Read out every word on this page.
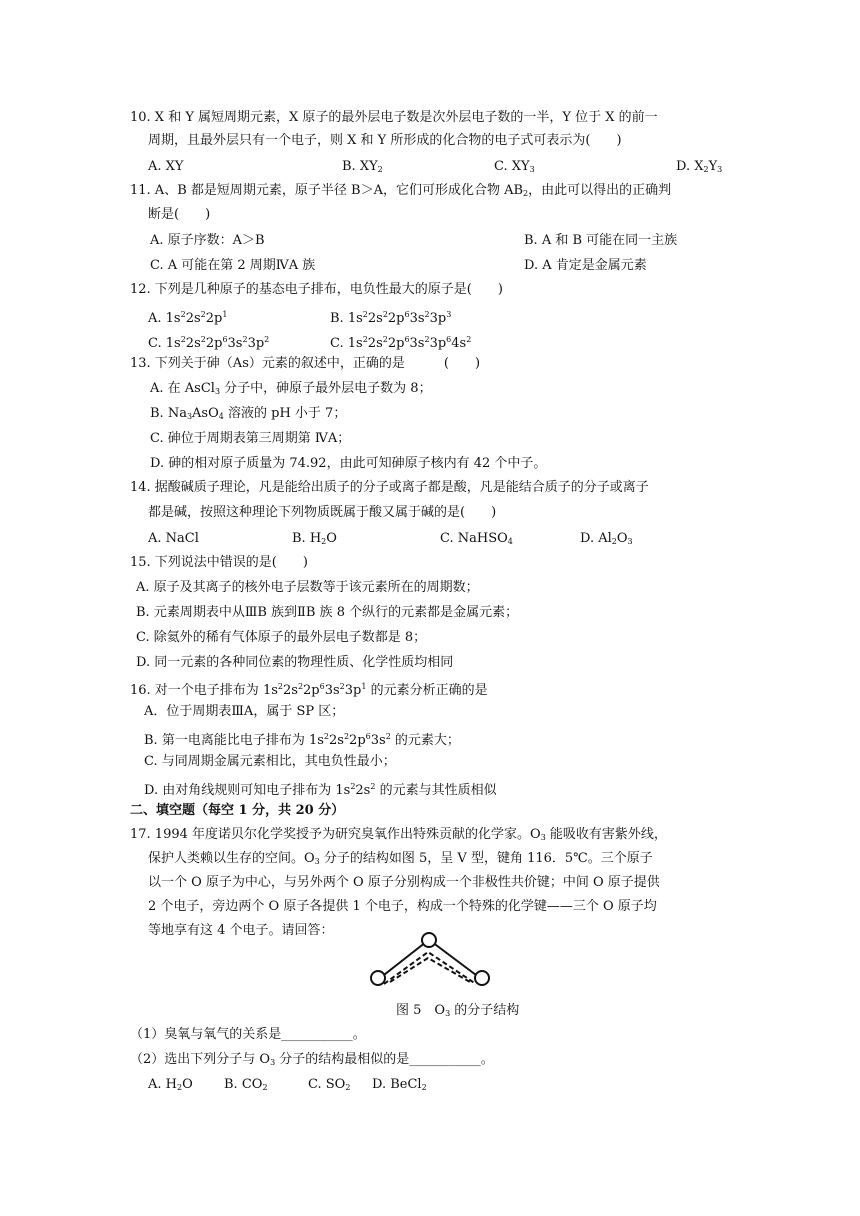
10. X 和 Y 属短周期元素，X 原子的最外层电子数是次外层电子数的一半，Y 位于 X 的前一
周期，且最外层只有一个电子，则 X 和 Y 所形成的化合物的电子式可表示为(　　)
A. XY	B. $XY_2$	C. $XY_3$	D. $X_2Y_3$
11. A、B 都是短周期元素，原子半径 B＞A，它们可形成化合物 $AB_2$，由此可以得出的正确判
断是(　　)
A. 原子序数：A＞B	B. A 和 B 可能在同一主族
C. A 可能在第 2 周期ⅣA 族	D. A 肯定是金属元素
12. 下列是几种原子的基态电子排布，电负性最大的原子是(　　)
A. $1s^22s^22p^1$	B. $1s^22s^22p^63s^23p^3$
C. $1s^22s^22p^63s^23p^2$	C. $1s^22s^22p^63s^23p^64s^2$
13. 下列关于砷（As）元素的叙述中，正确的是　　　(　　)
A. 在 AsCl$_3$ 分子中，砷原子最外层电子数为 8；
B. $Na_3AsO_4$ 溶液的 pH 小于 7；
C. 砷位于周期表第三周期第 ⅣA；
D. 砷的相对原子质量为 74.92，由此可知砷原子核内有 42 个中子。
14. 据酸碱质子理论，凡是能给出质子的分子或离子都是酸，凡是能结合质子的分子或离子
都是碱，按照这种理论下列物质既属于酸又属于碱的是(　　)
A. NaCl	B. $H_2O$	C. NaHSO$_4$	D. $Al_2O_3$
15. 下列说法中错误的是(　　)
A. 原子及其离子的核外电子层数等于该元素所在的周期数；
B. 元素周期表中从ⅢB 族到ⅡB 族 8 个纵行的元素都是金属元素；
C. 除氦外的稀有气体原子的最外层电子数都是 8；
D. 同一元素的各种同位素的物理性质、化学性质均相同
16. 对一个电子排布为 $1s^22s^22p^63s^23p^1$ 的元素分析正确的是
A．位于周期表ⅢA，属于 SP 区；
B. 第一电离能比电子排布为 $1s^22s^22p^63s^2$ 的元素大；
C. 与同周期金属元素相比，其电负性最小；
D. 由对角线规则可知电子排布为 $1s^22s^2$ 的元素与其性质相似
二、填空题（每空 1 分，共 20 分）
17. 1994 年度诺贝尔化学奖授予为研究臭氧作出特殊贡献的化学家。$O_3$ 能吸收有害紫外线，
保护人类赖以生存的空间。$O_3$ 分子的结构如图 5，呈 V 型，键角 116．5℃。三个原子
以一个 O 原子为中心，与另外两个 O 原子分别构成一个非极性共价键；中间 O 原子提供
2 个电子，旁边两个 O 原子各提供 1 个电子，构成一个特殊的化学键——三个 O 原子均
等地享有这 4 个电子。请回答：
图 5　$O_3$ 的分子结构
（1）臭氧与氧气的关系是___________。
（2）选出下列分子与 $O_3$ 分子的结构最相似的是___________。
A. $H_2O$ B. $CO_2$	C. $SO_2$ D. BeCl$_2$
